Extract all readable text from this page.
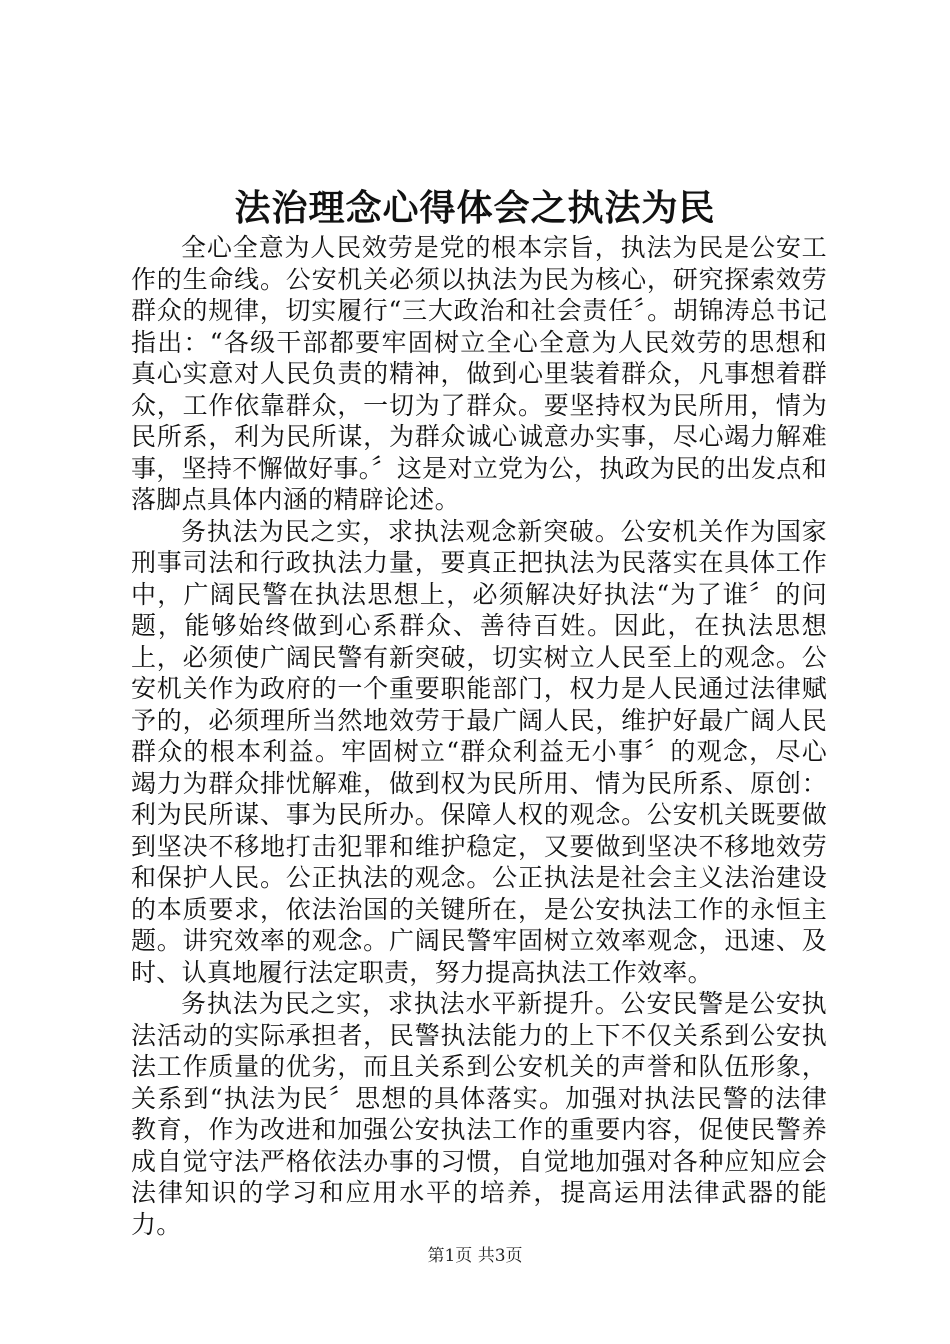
法治理念心得体会之执法为民

全心全意为人民效劳是党的根本宗旨，执法为民是公安工作的生命线。公安机关必须以执法为民为核心，研究探索效劳群众的规律，切实履行“三大政治和社会责任〞。胡锦涛总书记指出：“各级干部都要牢固树立全心全意为人民效劳的思想和真心实意对人民负责的精神，做到心里装着群众，凡事想着群众，工作依靠群众，一切为了群众。要坚持权为民所用，情为民所系，利为民所谋，为群众诚心诚意办实事，尽心竭力解难事，坚持不懈做好事。〞这是对立党为公，执政为民的出发点和落脚点具体内涵的精辟论述。

务执法为民之实，求执法观念新突破。公安机关作为国家刑事司法和行政执法力量，要真正把执法为民落实在具体工作中，广阔民警在执法思想上，必须解决好执法“为了谁〞的问题，能够始终做到心系群众、善待百姓。因此，在执法思想上，必须使广阔民警有新突破，切实树立人民至上的观念。公安机关作为政府的一个重要职能部门，权力是人民通过法律赋予的，必须理所当然地效劳于最广阔人民，维护好最广阔人民群众的根本利益。牢固树立“群众利益无小事〞的观念，尽心竭力为群众排忧解难，做到权为民所用、情为民所系、原创：利为民所谋、事为民所办。保障人权的观念。公安机关既要做到坚决不移地打击犯罪和维护稳定，又要做到坚决不移地效劳和保护人民。公正执法的观念。公正执法是社会主义法治建设的本质要求，依法治国的关键所在，是公安执法工作的永恒主题。讲究效率的观念。广阔民警牢固树立效率观念，迅速、及时、认真地履行法定职责，努力提高执法工作效率。

务执法为民之实，求执法水平新提升。公安民警是公安执法活动的实际承担者，民警执法能力的上下不仅关系到公安执法工作质量的优劣，而且关系到公安机关的声誉和队伍形象，关系到“执法为民〞思想的具体落实。加强对执法民警的法律教育，作为改进和加强公安执法工作的重要内容，促使民警养成自觉守法严格依法办事的习惯，自觉地加强对各种应知应会法律知识的学习和应用水平的培养，提高运用法律武器的能力。

第1页 共3页
